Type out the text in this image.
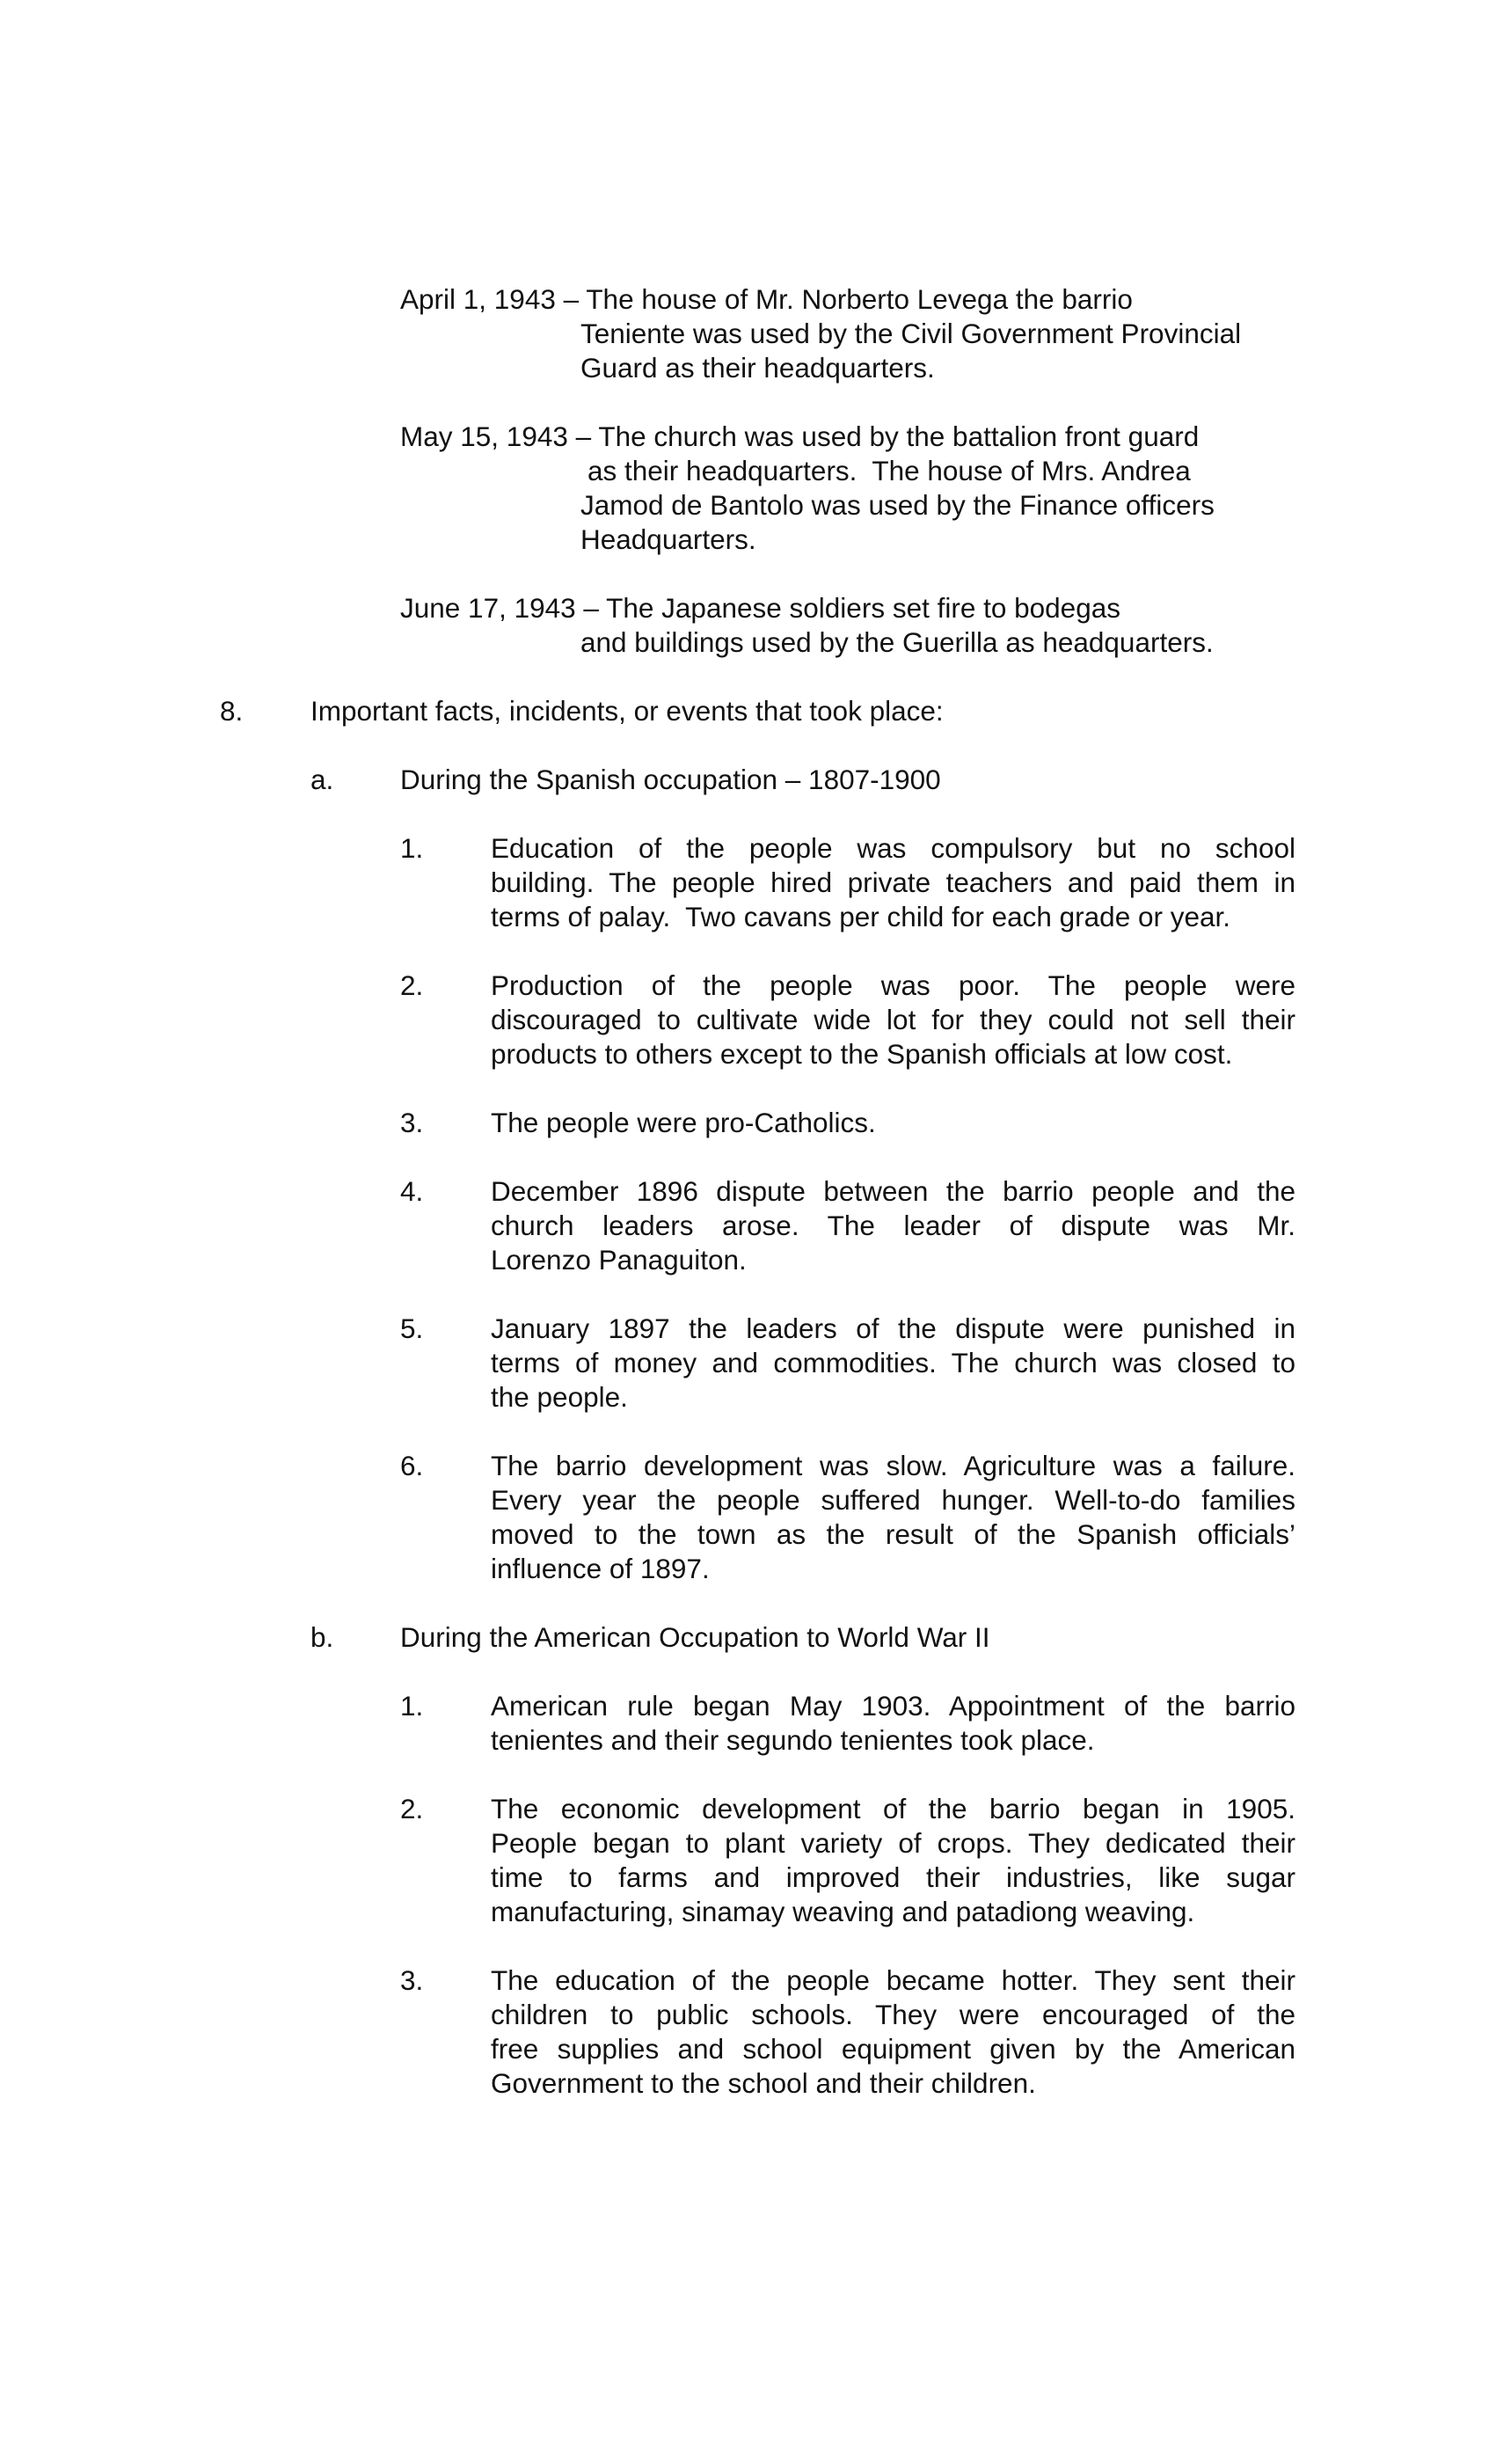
April 1, 1943 – The house of Mr. Norberto Levega the barrio
Teniente was used by the Civil Government Provincial
Guard as their headquarters.
May 15, 1943 – The church was used by the battalion front guard
as their headquarters.  The house of Mrs. Andrea
Jamod de Bantolo was used by the Finance officers
Headquarters.
June 17, 1943 – The Japanese soldiers set fire to bodegas
and buildings used by the Guerilla as headquarters.
8. Important facts, incidents, or events that took place:
a. During the Spanish occupation – 1807-1900
1. Education of the people was compulsory but no school
building. The people hired private teachers and paid them in
terms of palay.  Two cavans per child for each grade or year.
2. Production of the people was poor. The people were
discouraged to cultivate wide lot for they could not sell their
products to others except to the Spanish officials at low cost.
3. The people were pro-Catholics.
4. December 1896 dispute between the barrio people and the
church leaders arose. The leader of dispute was Mr.
Lorenzo Panaguiton.
5. January 1897 the leaders of the dispute were punished in
terms of money and commodities. The church was closed to
the people.
6. The barrio development was slow. Agriculture was a failure.
Every year the people suffered hunger. Well-to-do families
moved to the town as the result of the Spanish officials’
influence of 1897.
b. During the American Occupation to World War II
1. American rule began May 1903. Appointment of the barrio
tenientes and their segundo tenientes took place.
2. The economic development of the barrio began in 1905.
People began to plant variety of crops. They dedicated their
time to farms and improved their industries, like sugar
manufacturing, sinamay weaving and patadiong weaving.
3. The education of the people became hotter. They sent their
children to public schools. They were encouraged of the
free supplies and school equipment given by the American
Government to the school and their children.
